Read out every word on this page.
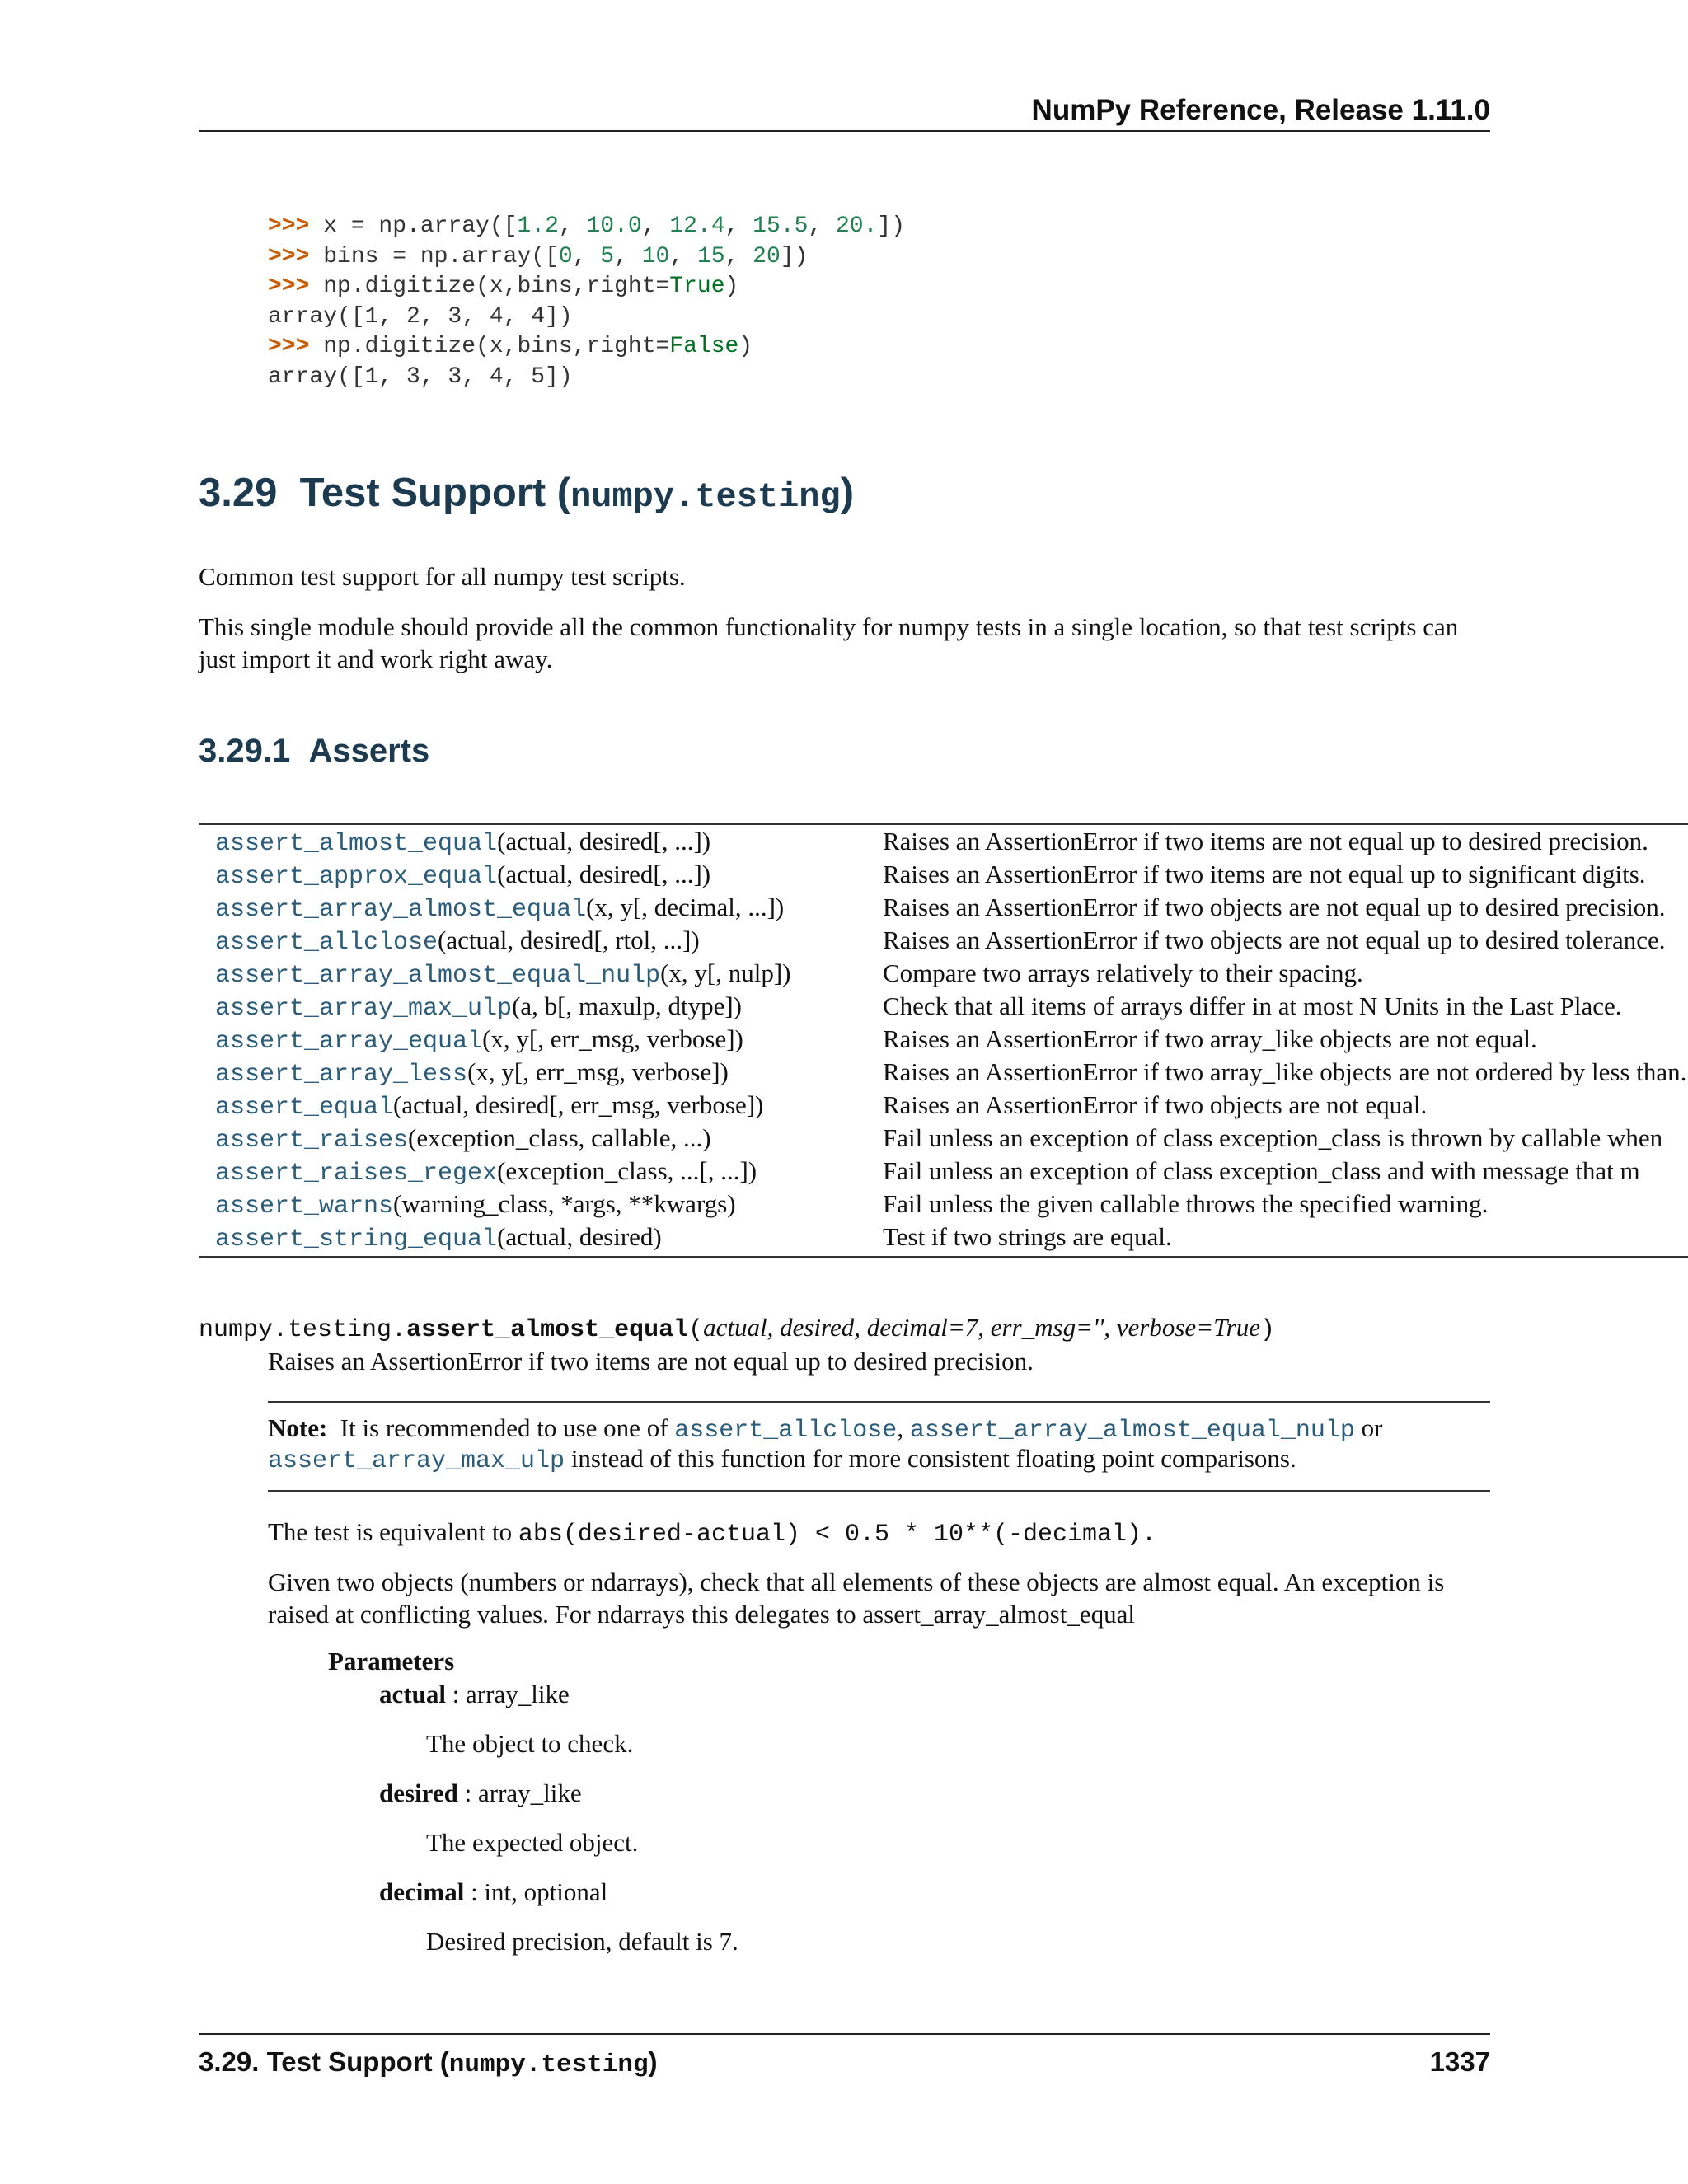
NumPy Reference, Release 1.11.0
>>> x = np.array([1.2, 10.0, 12.4, 15.5, 20.])
>>> bins = np.array([0, 5, 10, 15, 20])
>>> np.digitize(x,bins,right=True)
array([1, 2, 3, 4, 4])
>>> np.digitize(x,bins,right=False)
array([1, 3, 3, 4, 5])
3.29 Test Support (numpy.testing)
Common test support for all numpy test scripts.
This single module should provide all the common functionality for numpy tests in a single location, so that test scripts can just import it and work right away.
3.29.1 Asserts
assert_almost_equal(actual, desired[, ...])	Raises an AssertionError if two items are not equal up to desired precision.
assert_approx_equal(actual, desired[, ...])	Raises an AssertionError if two items are not equal up to significant digits.
assert_array_almost_equal(x, y[, decimal, ...])	Raises an AssertionError if two objects are not equal up to desired precision.
assert_allclose(actual, desired[, rtol, ...])	Raises an AssertionError if two objects are not equal up to desired tolerance.
assert_array_almost_equal_nulp(x, y[, nulp])	Compare two arrays relatively to their spacing.
assert_array_max_ulp(a, b[, maxulp, dtype])	Check that all items of arrays differ in at most N Units in the Last Place.
assert_array_equal(x, y[, err_msg, verbose])	Raises an AssertionError if two array_like objects are not equal.
assert_array_less(x, y[, err_msg, verbose])	Raises an AssertionError if two array_like objects are not ordered by less than.
assert_equal(actual, desired[, err_msg, verbose])	Raises an AssertionError if two objects are not equal.
assert_raises(exception_class, callable, ...)	Fail unless an exception of class exception_class is thrown by callable when
assert_raises_regex(exception_class, ...[, ...])	Fail unless an exception of class exception_class and with message that m
assert_warns(warning_class, *args, **kwargs)	Fail unless the given callable throws the specified warning.
assert_string_equal(actual, desired)	Test if two strings are equal.
numpy.testing.assert_almost_equal(actual, desired, decimal=7, err_msg='', verbose=True)
Raises an AssertionError if two items are not equal up to desired precision.
Note: It is recommended to use one of assert_allclose, assert_array_almost_equal_nulp or
assert_array_max_ulp instead of this function for more consistent floating point comparisons.
The test is equivalent to abs(desired-actual) < 0.5 * 10**(-decimal).
Given two objects (numbers or ndarrays), check that all elements of these objects are almost equal. An exception is raised at conflicting values. For ndarrays this delegates to assert_array_almost_equal
Parameters
actual : array_like
The object to check.
desired : array_like
The expected object.
decimal : int, optional
Desired precision, default is 7.
3.29. Test Support (numpy.testing)	1337
